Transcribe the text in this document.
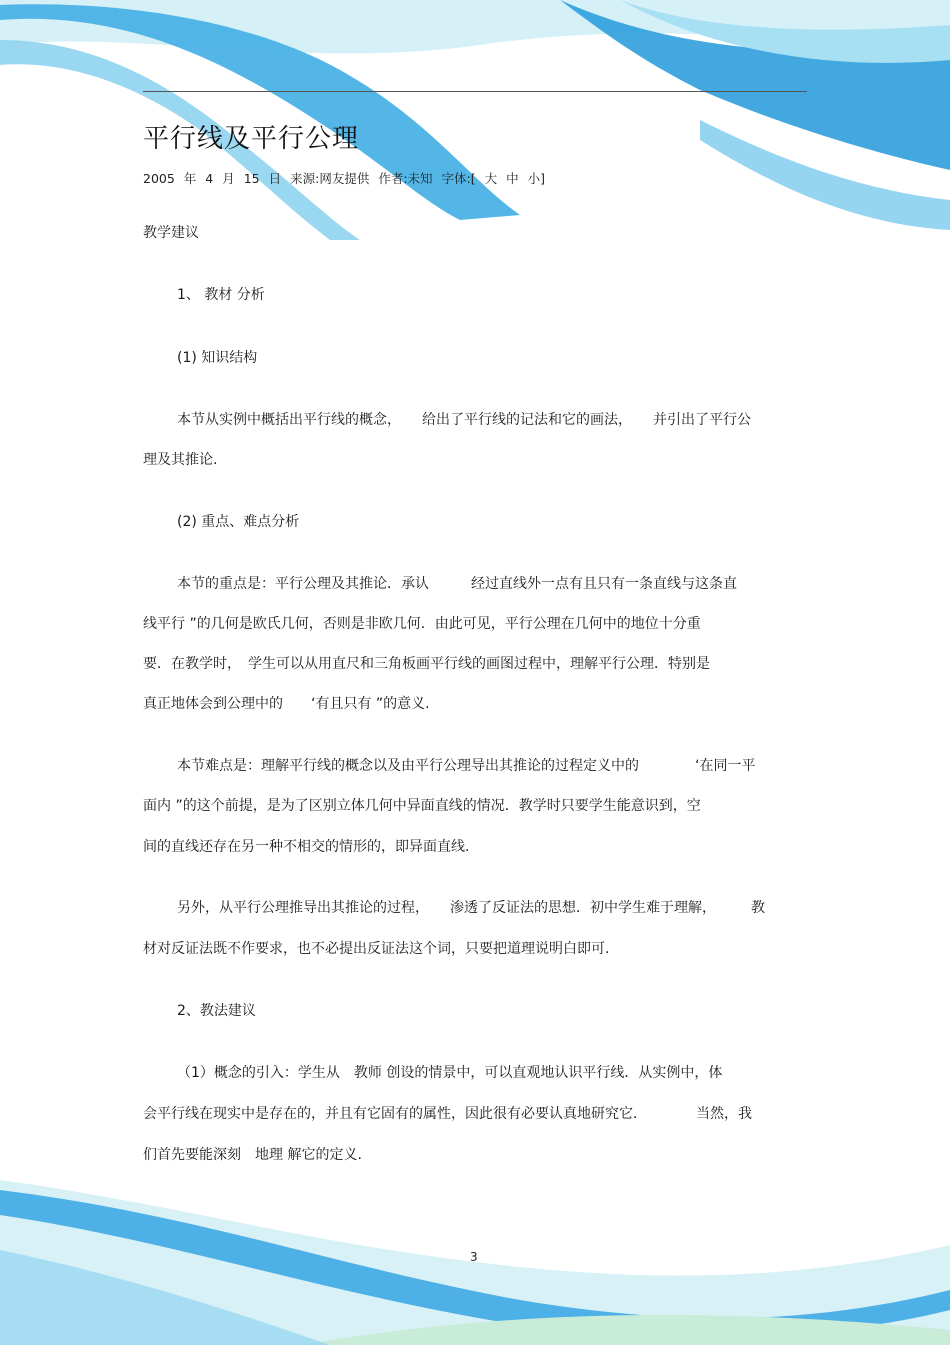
平行线及平行公理
2005 年 4 月 15 日 来源:网友提供 作者:未知 字体:[ 大 中 小]
教学建议
1、 教材 分析
(1) 知识结构
本节从实例中概括出平行线的概念，　　给出了平行线的记法和它的画法，　　并引出了平行公
理及其推论.
(2) 重点、难点分析
本节的重点是：平行公理及其推论．承认　　　经过直线外一点有且只有一条直线与这条直
线平行 ”的几何是欧氏几何，否则是非欧几何．由此可见，平行公理在几何中的地位十分重
要．在教学时，　学生可以从用直尺和三角板画平行线的画图过程中，理解平行公理．特别是
真正地体会到公理中的　　‘有且只有 ”的意义.
本节难点是：理解平行线的概念以及由平行公理导出其推论的过程定义中的　　　　‘在同一平
面内 ”的这个前提，是为了区别立体几何中异面直线的情况．教学时只要学生能意识到，空
间的直线还存在另一种不相交的情形的，即异面直线.
另外，从平行公理推导出其推论的过程，　　渗透了反证法的思想．初中学生难于理解，　　　教
材对反证法既不作要求，也不必提出反证法这个词，只要把道理说明白即可.
2、教法建议
（1）概念的引入：学生从　教师 创设的情景中，可以直观地认识平行线．从实例中，体
会平行线在现实中是存在的，并且有它固有的属性，因此很有必要认真地研究它．　　　　当然，我
们首先要能深刻　地理 解它的定义.
3
